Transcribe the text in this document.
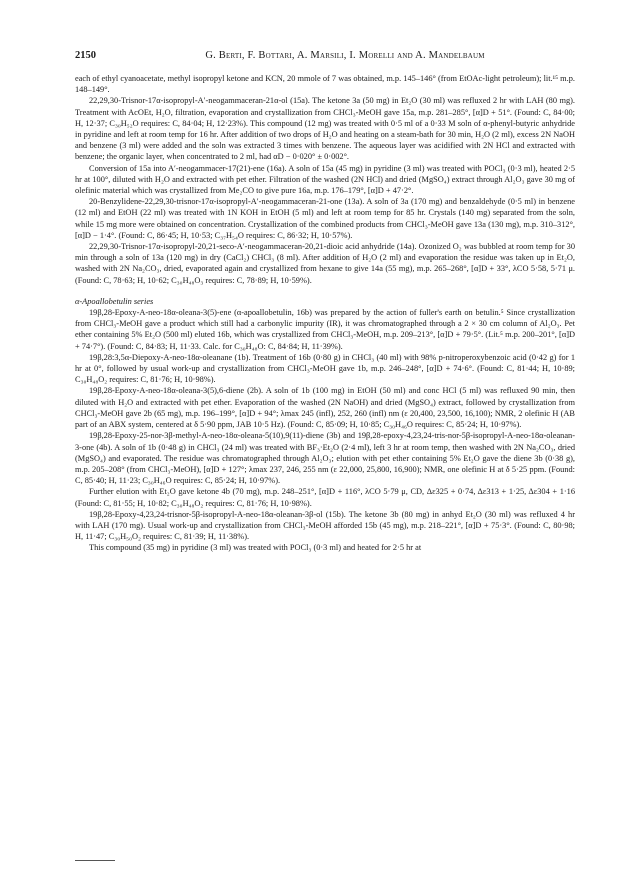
2150	G. Berti, F. Bottari, A. Marsili, I. Morelli and A. Mandelbaum

each of ethyl cyanoacetate, methyl isopropyl ketone and KCN, 20 mmole of 7 was obtained, m.p. 145–146° (from EtOAc-light petroleum); lit.¹⁵ m.p. 148–149°.

22,29,30-Trisnor-17α-isopropyl-A′-neogammaceran-21α-ol (15a). The ketone 3a (50 mg) in Et₂O (30 ml) was refluxed 2 hr with LAH (80 mg). Treatment with AcOEt, H₂O, filtration, evaporation and crystallization from CHCl₃-MeOH gave 15a, m.p. 281–285°, [α]D + 51°. (Found: C, 84·00; H, 12·37; C₃₀H₅₂O requires: C, 84·04; H, 12·23%). This compound (12 mg) was treated with 0·5 ml of a 0·33 M soln of α-phenyl-butyric anhydride in pyridine and left at room temp for 16 hr. After addition of two drops of H₂O and heating on a steam-bath for 30 min, H₂O (2 ml), excess 2N NaOH and benzene (3 ml) were added and the soln was extracted 3 times with benzene. The aqueous layer was acidified with 2N HCl and extracted with benzene; the organic layer, when concentrated to 2 ml, had αD − 0·020° ± 0·002°.

Conversion of 15a into A′-neogammacer-17(21)-ene (16a). A soln of 15a (45 mg) in pyridine (3 ml) was treated with POCl₃ (0·3 ml), heated 2·5 hr at 100°, diluted with H₂O and extracted with pet ether. Filtration of the washed (2N HCl) and dried (MgSO₄) extract through Al₂O₃ gave 30 mg of olefinic material which was crystallized from Me₂CO to give pure 16a, m.p. 176–179°, [α]D + 47·2°.

20-Benzylidene-22,29,30-trisnor-17α-isopropyl-A′-neogammaceran-21-one (13a). A soln of 3a (170 mg) and benzaldehyde (0·5 ml) in benzene (12 ml) and EtOH (22 ml) was treated with 1N KOH in EtOH (5 ml) and left at room temp for 85 hr. Crystals (140 mg) separated from the soln, while 15 mg more were obtained on concentration. Crystallization of the combined products from CHCl₃-MeOH gave 13a (130 mg), m.p. 310–312°, [α]D − 1·4°. (Found: C, 86·45; H, 10·53; C₃₇H₅₄O requires: C, 86·32; H, 10·57%).

22,29,30-Trisnor-17α-isopropyl-20,21-seco-A′-neogammaceran-20,21-dioic acid anhydride (14a). Ozonized O₂ was bubbled at room temp for 30 min through a soln of 13a (120 mg) in dry (CaCl₂) CHCl₃ (8 ml). After addition of H₂O (2 ml) and evaporation the residue was taken up in Et₂O, washed with 2N Na₂CO₃, dried, evaporated again and crystallized from hexane to give 14a (55 mg), m.p. 265–268°, [α]D + 33°, λCO 5·58, 5·71 μ. (Found: C, 78·63; H, 10·62; C₃₀H₄₈O₃ requires: C, 78·89; H, 10·59%).

α-Apoallobetulin series

19β,28-Epoxy-A-neo-18α-oleana-3(5)-ene (α-apoallobetulin, 16b) was prepared by the action of fuller's earth on betulin.⁵ Since crystallization from CHCl₃-MeOH gave a product which still had a carbonylic impurity (IR), it was chromatographed through a 2 × 30 cm column of Al₂O₃. Pet ether containing 5% Et₂O (500 ml) eluted 16b, which was crystallized from CHCl₃-MeOH, m.p. 209–213°, [α]D + 79·5°. (Lit.⁵ m.p. 200–201°, [α]D + 74·7°). (Found: C, 84·83; H, 11·33. Calc. for C₃₀H₄₈O: C, 84·84; H, 11·39%).

19β,28:3,5α-Diepoxy-A-neo-18α-oleanane (1b). Treatment of 16b (0·80 g) in CHCl₃ (40 ml) with 98% p-nitroperoxybenzoic acid (0·42 g) for 1 hr at 0°, followed by usual work-up and crystallization from CHCl₃-MeOH gave 1b, m.p. 246–248°, [α]D + 74·6°. (Found: C, 81·44; H, 10·89; C₃₀H₄₈O₂ requires: C, 81·76; H, 10·98%).

19β,28-Epoxy-A-neo-18α-oleana-3(5),6-diene (2b). A soln of 1b (100 mg) in EtOH (50 ml) and conc HCl (5 ml) was refluxed 90 min, then diluted with H₂O and extracted with pet ether. Evaporation of the washed (2N NaOH) and dried (MgSO₄) extract, followed by crystallization from CHCl₃-MeOH gave 2b (65 mg), m.p. 196–199°, [α]D + 94°; λmax 245 (infl), 252, 260 (infl) nm (ε 20,400, 23,500, 16,100); NMR, 2 olefinic H (AB part of an ABX system, centered at δ 5·90 ppm, JAB 10·5 Hz). (Found: C, 85·09; H, 10·85; C₃₀H₄₆O requires: C, 85·24; H, 10·97%).

19β,28-Epoxy-25-nor-3β-methyl-A-neo-18α-oleana-5(10),9(11)-diene (3b) and 19β,28-epoxy-4,23,24-tris-nor-5β-isopropyl-A-neo-18α-oleanan-3-one (4b). A soln of 1b (0·48 g) in CHCl₃ (24 ml) was treated with BF₃·Et₂O (2·4 ml), left 3 hr at room temp, then washed with 2N Na₂CO₃, dried (MgSO₄) and evaporated. The residue was chromatographed through Al₂O₃; elution with pet ether containing 5% Et₂O gave the diene 3b (0·38 g), m.p. 205–208° (from CHCl₃-MeOH), [α]D + 127°; λmax 237, 246, 255 nm (ε 22,000, 25,800, 16,900); NMR, one olefinic H at δ 5·25 ppm. (Found: C, 85·40; H, 11·23; C₃₀H₄₆O requires: C, 85·24; H, 10·97%).

Further elution with Et₂O gave ketone 4b (70 mg), m.p. 248–251°, [α]D + 116°, λCO 5·79 μ, CD, Δε325 + 0·74, Δε313 + 1·25, Δε304 + 1·16 (Found: C, 81·55; H, 10·82; C₃₀H₄₈O₂ requires: C, 81·76; H, 10·98%).

19β,28-Epoxy-4,23,24-trisnor-5β-isopropyl-A-neo-18α-oleanan-3β-ol (15b). The ketone 3b (80 mg) in anhyd Et₂O (30 ml) was refluxed 4 hr with LAH (170 mg). Usual work-up and crystallization from CHCl₃-MeOH afforded 15b (45 mg), m.p. 218–221°, [α]D + 75·3°. (Found: C, 80·98; H, 11·47; C₃₀H₅₀O₂ requires: C, 81·39; H, 11·38%).

This compound (35 mg) in pyridine (3 ml) was treated with POCl₃ (0·3 ml) and heated for 2·5 hr at
